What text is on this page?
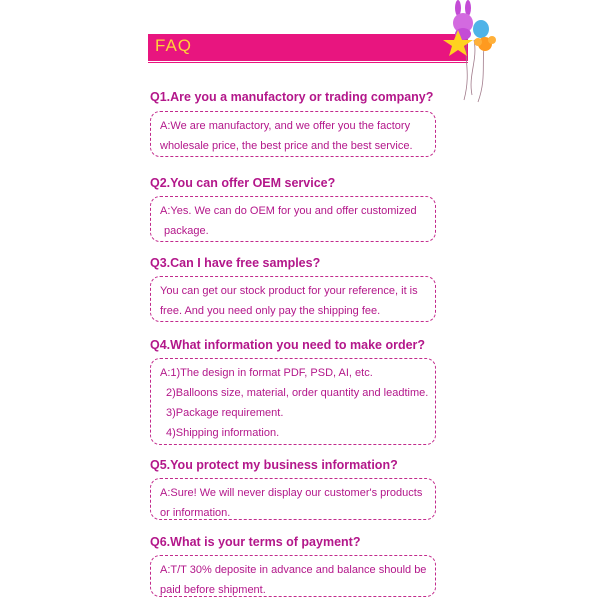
FAQ
Q1.Are you a manufactory or trading company?
A:We are manufactory, and we offer you the factory
wholesale price, the best price and the best service.
Q2.You can offer OEM service?
A:Yes. We can do OEM for you and offer customized
package.
Q3.Can I have free samples?
You can get our stock product for your reference, it is
free. And you need only pay the shipping fee.
Q4.What information you need to make order?
A:1)The design in format PDF, PSD, AI, etc.
2)Balloons size, material, order quantity and leadtime.
3)Package requirement.
4)Shipping information.
Q5.You protect my business information?
A:Sure! We will never display our customer's products
or information.
Q6.What is your terms of payment?
A:T/T 30% deposite in advance and balance should be
paid before shipment.
